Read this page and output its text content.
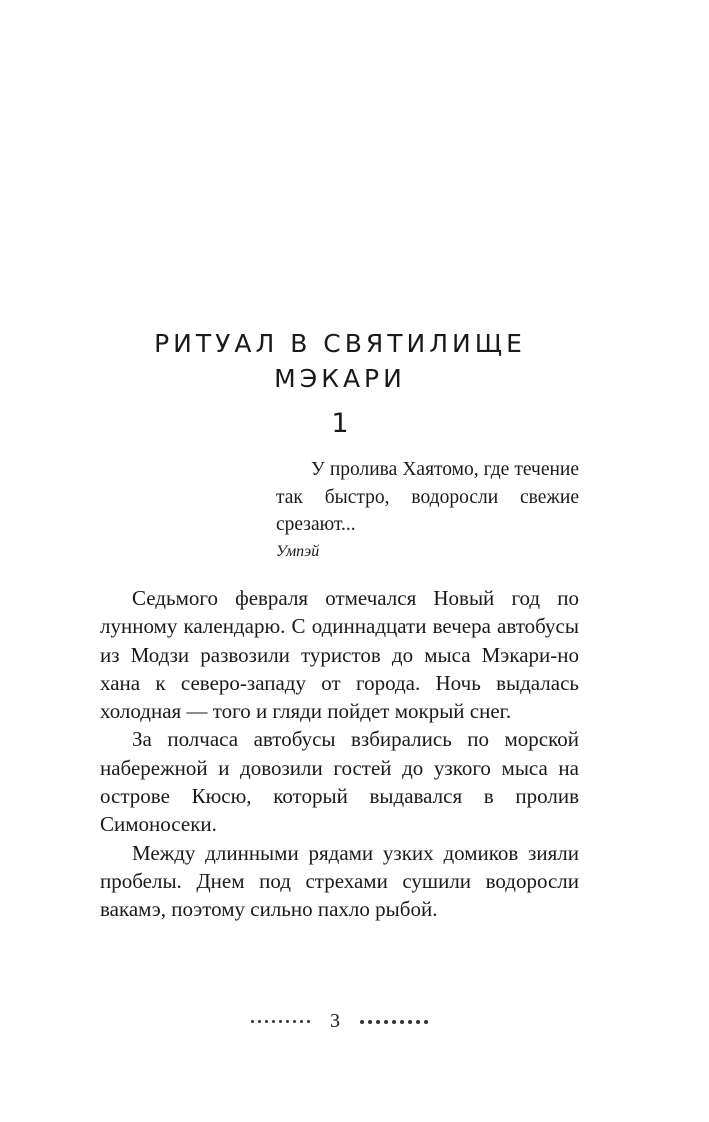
РИТУАЛ В СВЯТИЛИЩЕ
МЭКАРИ
1

У пролива Хаятомо, где течение так быстро, водоросли свежие срезают...

Умпэй

Седьмого февраля отмечался Новый год по лунному календарю. С одиннадцати вечера автобусы из Модзи развозили туристов до мыса Мэкари-но хана к северо-западу от города. Ночь выдалась холодная — того и гляди пойдет мокрый снег.

За полчаса автобусы взбирались по морской набережной и довозили гостей до узкого мыса на острове Кюсю, который выдавался в пролив Симоносеки.

Между длинными рядами узких домиков зияли пробелы. Днем под стрехами сушили водоросли вакамэ, поэтому сильно пахло рыбой.

3
